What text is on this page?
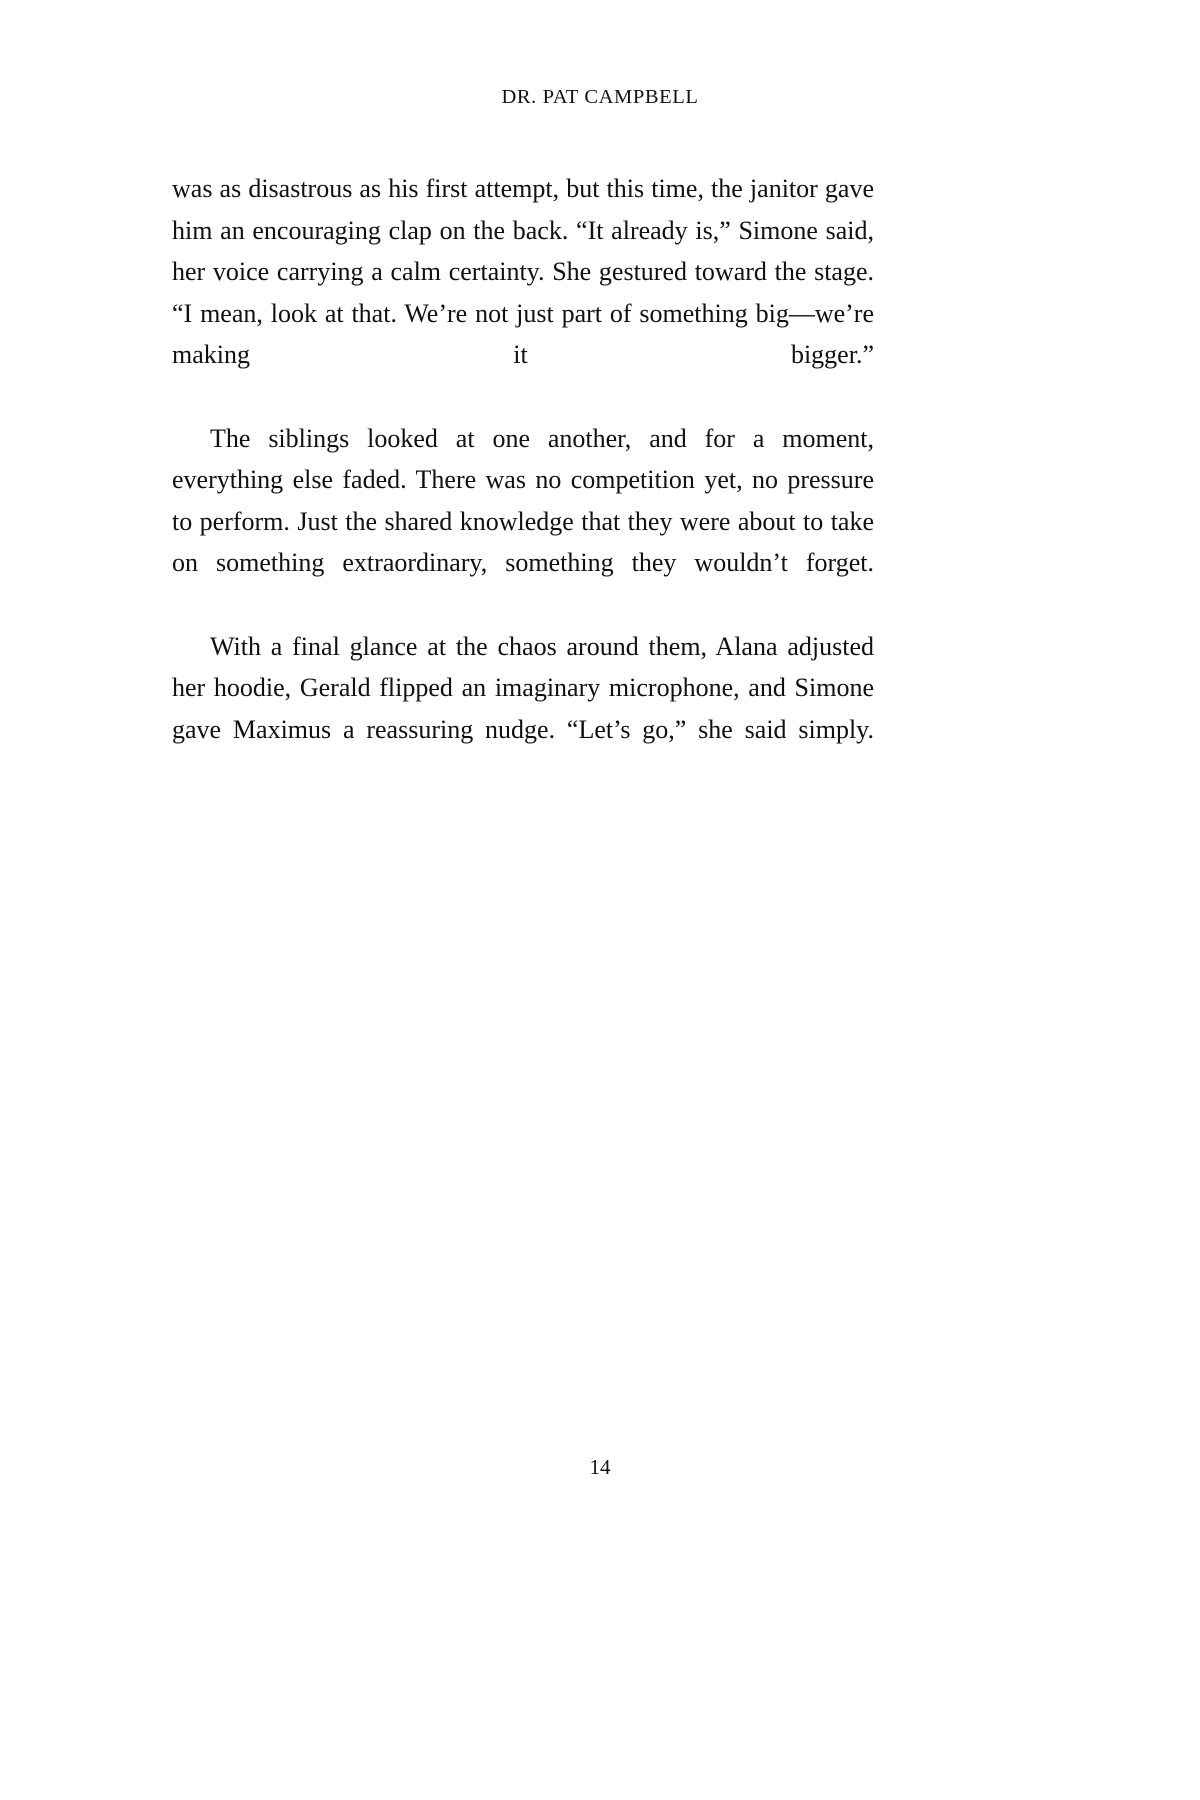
DR. PAT CAMPBELL

was as disastrous as his first attempt, but this time, the janitor gave him an encouraging clap on the back. “It already is,” Simone said, her voice carrying a calm certainty. She gestured toward the stage. “I mean, look at that. We’re not just part of something big—we’re making it bigger.”

The siblings looked at one another, and for a moment, everything else faded. There was no competition yet, no pressure to perform. Just the shared knowledge that they were about to take on something extraordinary, something they wouldn’t forget.

With a final glance at the chaos around them, Alana adjusted her hoodie, Gerald flipped an imaginary microphone, and Simone gave Maximus a reassuring nudge. “Let’s go,” she said simply.

14
